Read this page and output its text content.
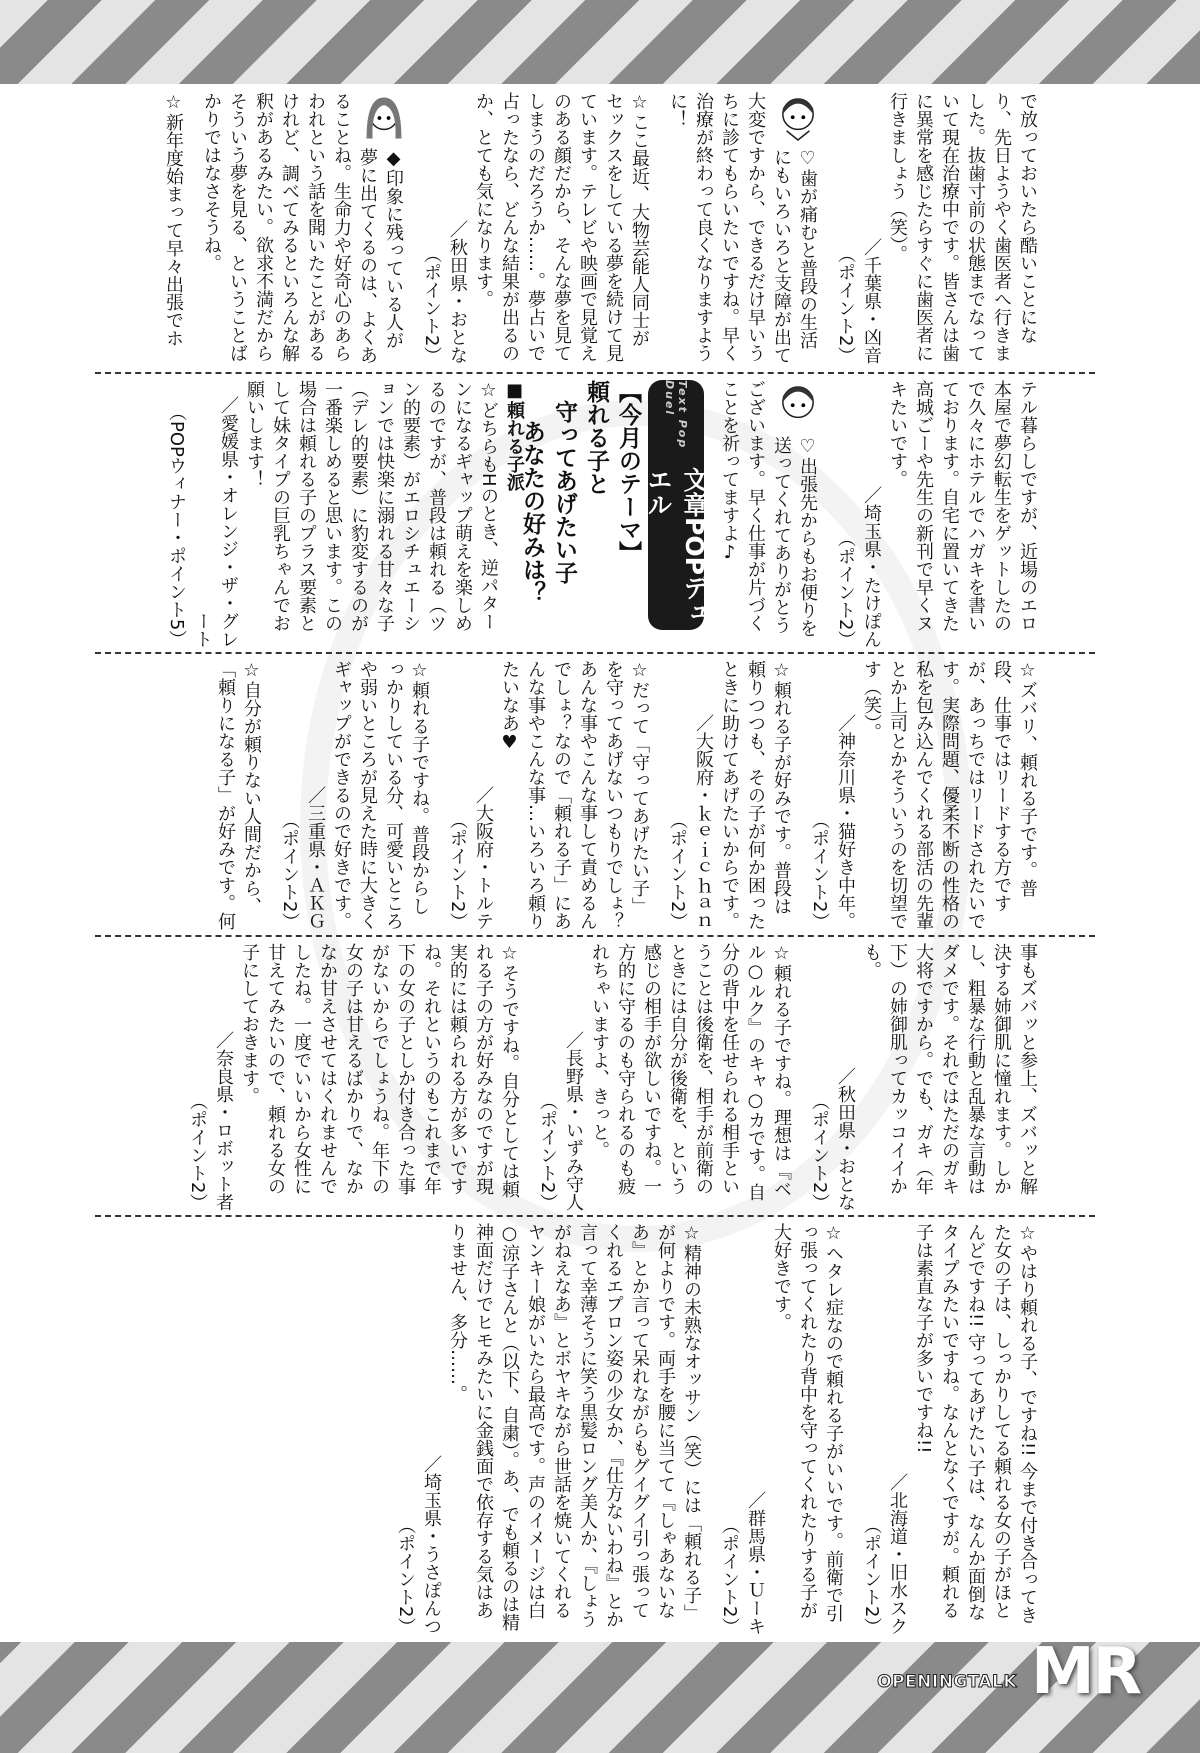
で放っておいたら酷いことになり、先日ようやく歯医者へ行きました。抜歯寸前の状態までなっていて現在治療中です。皆さんは歯に異常を感じたらすぐに歯医者に行きましょう（笑）。

／千葉県・凶音

（ポイント2）

♡歯が痛むと普段の生活にもいろいろと支障が出て大変ですから、できるだけ早いうちに診てもらいたいですね。早く治療が終わって良くなりますように！

☆ここ最近、大物芸能人同士がセックスをしている夢を続けて見ています。テレビや映画で見覚えのある顔だから、そんな夢を見てしまうのだろうか……。夢占いで占ったなら、どんな結果が出るのか、とても気になります。

／秋田県・おとな

（ポイント2）

◆印象に残っている人が夢に出てくるのは、よくあることね。生命力や好奇心のあらわれという話を聞いたことがあるけれど、調べてみるといろんな解釈があるみたい。欲求不満だからそういう夢を見る、ということばかりではなさそうね。

☆新年度始まって早々出張でホ

テル暮らしですが、近場のエロ本屋で夢幻転生をゲットしたので久々にホテルでハガキを書いております。自宅に置いてきた高城ごーや先生の新刊で早くヌキたいです。

／埼玉県・たけぽん

（ポイント2）

♡出張先からもお便りを送ってくれてありがとうございます。早く仕事が片づくことを祈ってますよ♪

Text Pop Duel
文章POPデュエル
【今月のテーマ】
頼れる子と
守ってあげたい子
あなたの好みは？

■頼れる子派

☆どちらもHのとき、逆パターンになるギャップ萌えを楽しめるのですが、普段は頼れる（ツン的要素）がエロシチュエーションでは快楽に溺れる甘々な子（デレ的要素）に豹変するのが一番楽しめると思います。この場合は頼れる子のプラス要素として妹タイプの巨乳ちゃんでお願いします！

／愛媛県・オレンジ・ザ・グレート

（POPウィナー・ポイント5）

☆ズバリ、頼れる子です。普段、仕事ではリードする方ですが、あっちではリードされたいです。実際問題、優柔不断の性格の私を包み込んでくれる部活の先輩とか上司とかそういうのを切望です（笑）。

／神奈川県・猫好き中年。

（ポイント2）

☆頼れる子が好みです。普段は頼りつつも、その子が何か困ったときに助けてあげたいからです。

／大阪府・ｋｅｉｃｈａｎ

（ポイント2）

☆だって「守ってあげたい子」を守ってあげないつもりでしょ？あんな事やこんな事して責めるんでしょ？なので「頼れる子」にあんな事やこんな事…いろいろ頼りたいなあ♥

／大阪府・トルテ

（ポイント2）

☆頼れる子ですね。普段からしっかりしている分、可愛いところや弱いところが見えた時に大きくギャップができるので好きです。

／三重県・ＡＫＧ

（ポイント2）

☆自分が頼りない人間だから、「頼りになる子」が好みです。何

事もズバッと参上、ズバッと解決する姉御肌に憧れます。しかし、粗暴な行動と乱暴な言動はダメです。それではただのガキ大将ですから。でも、ガキ（年下）の姉御肌ってカッコイイかも。

／秋田県・おとな

（ポイント2）

☆頼れる子ですね。理想は『ベル○ルク』のキャ○カです。自分の背中を任せられる相手ということは後衛を、相手が前衛のときには自分が後衛を、という感じの相手が欲しいですね。一方的に守るのも守られるのも疲れちゃいますよ、きっと。

／長野県・いずみ守人

（ポイント2）

☆そうですね。自分としては頼れる子の方が好みなのですが現実的には頼られる方が多いですね。それというのもこれまで年下の女の子としか付き合った事がないからでしょうね。年下の女の子は甘えるばかりで、なかなか甘えさせてはくれませんでしたね。一度でいいから女性に甘えてみたいので、頼れる女の子にしておきます。

／奈良県・ロボット者

（ポイント2）

☆やはり頼れる子、ですね!! 今まで付き合ってきた女の子は、しっかりしてる頼れる女の子がほとんどですね!! 守ってあげたい子は、なんか面倒なタイプみたいですね。なんとなくですが。頼れる子は素直な子が多いですね!!

／北海道・旧水スク

（ポイント2）

☆ヘタレ症なので頼れる子がいいです。前衛で引っ張ってくれたり背中を守ってくれたりする子が大好きです。

／群馬県・Ｕーキ

（ポイント2）

☆精神の未熟なオッサン（笑）には「頼れる子」が何よりです。両手を腰に当てて『しゃあないなあ』とか言って呆れながらもグイグイ引っ張ってくれるエプロン姿の少女か、『仕方ないわね』とか言って幸薄そうに笑う黒髪ロング美人か、『しょうがねえなあ』とボヤキながら世話を焼いてくれるヤンキー娘がいたら最高です。声のイメージは白○涼子さんと（以下、自粛）。あ、でも頼るのは精神面だけでヒモみたいに金銭面で依存する気はありません、多分……。

／埼玉県・うさぽんつ

（ポイント2）

OPENINGTALK MR
